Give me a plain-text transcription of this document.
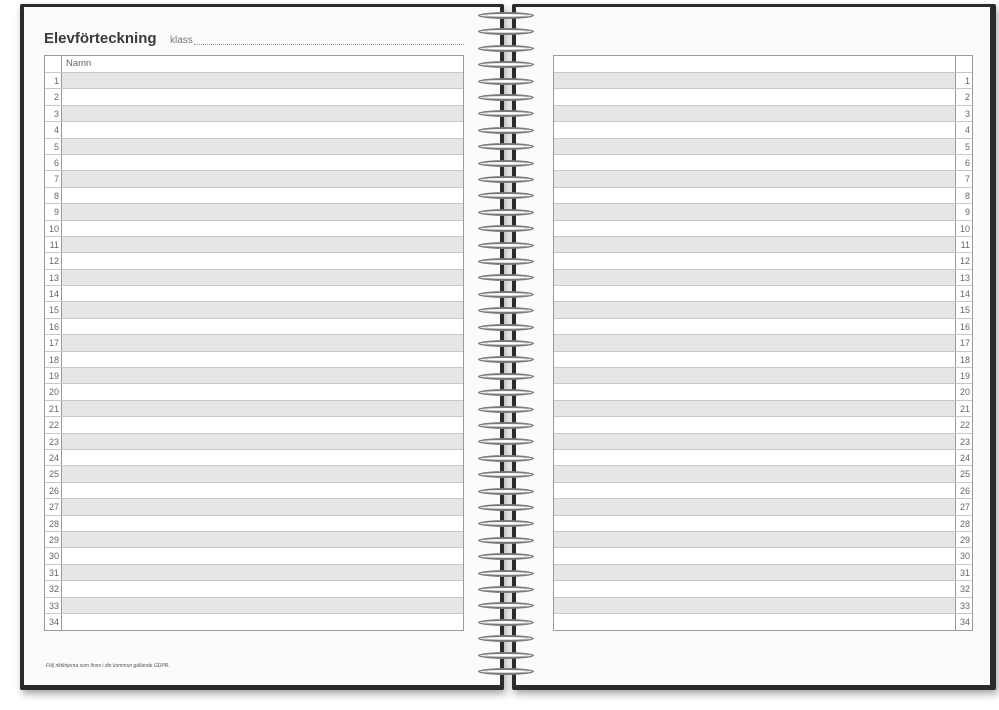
Elevförteckning klass
Namn
1
2
3
4
5
6
7
8
9
10
11
12
13
14
15
16
17
18
19
20
21
22
23
24
25
26
27
28
29
30
31
32
33
34
Följ riktlinjerna som finns i din kommun gällande GDPR.
1
2
3
4
5
6
7
8
9
10
11
12
13
14
15
16
17
18
19
20
21
22
23
24
25
26
27
28
29
30
31
32
33
34
